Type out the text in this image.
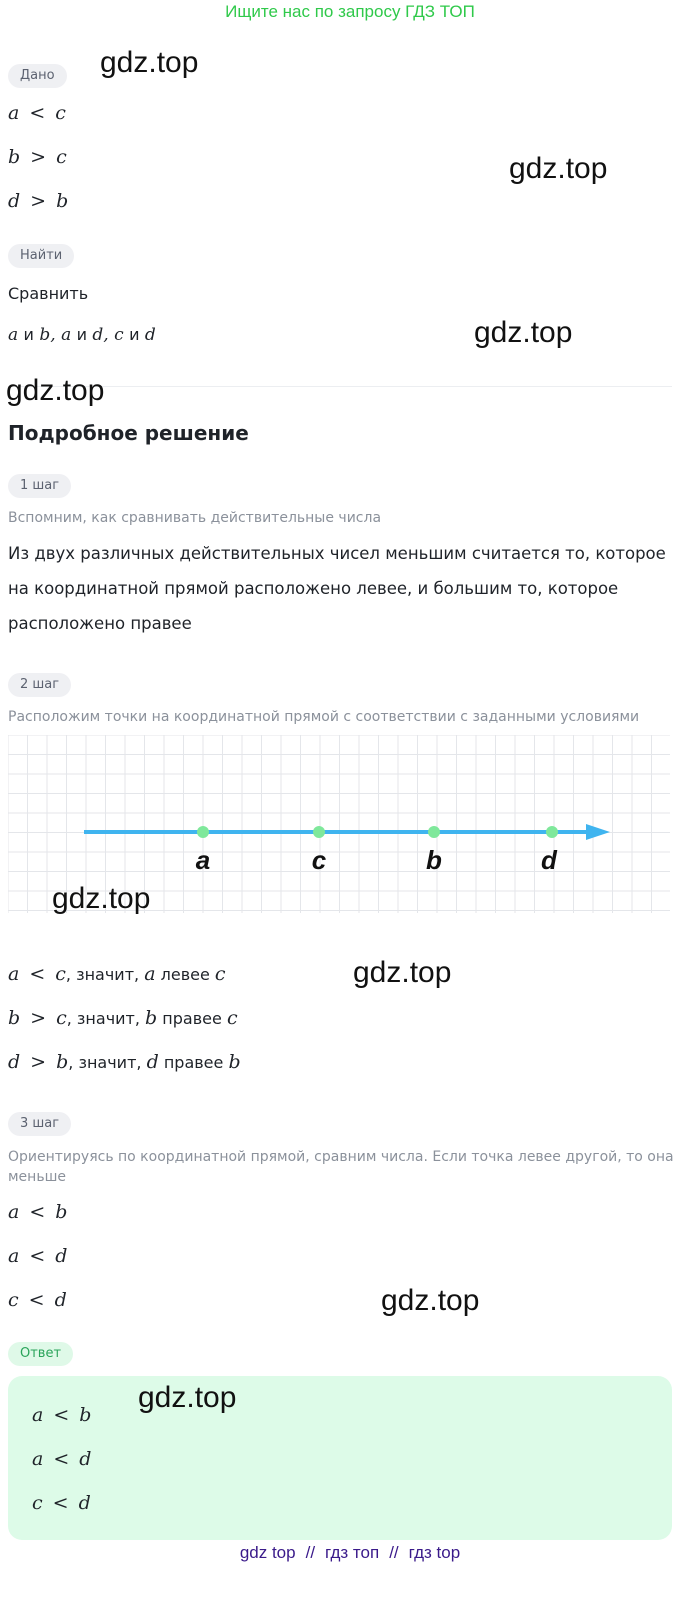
Ищите нас по запросу ГДЗ ТОП
Дано
a < c
b > c
d > b
Найти
Сравнить
a и b, a и d, c и d
Подробное решение
1 шаг
Вспомним, как сравнивать действительные числа
Из двух различных действительных чисел меньшим считается то, которое на координатной прямой расположено левее, и большим то, которое расположено правее
2 шаг
Расположим точки на координатной прямой с соответствии с заданными условиями
a	c	b	d
a < c, значит, a левее c
b > c, значит, b правее c
d > b, значит, d правее b
3 шаг
Ориентируясь по координатной прямой, сравним числа. Если точка левее другой, то она меньше
a < b
a < d
c < d
Ответ
a < b
a < d
c < d
gdz.top
gdz.top
gdz.top
gdz.top
gdz.top
gdz.top
gdz.top
gdz.top
gdz top // гдз топ // гдз top
